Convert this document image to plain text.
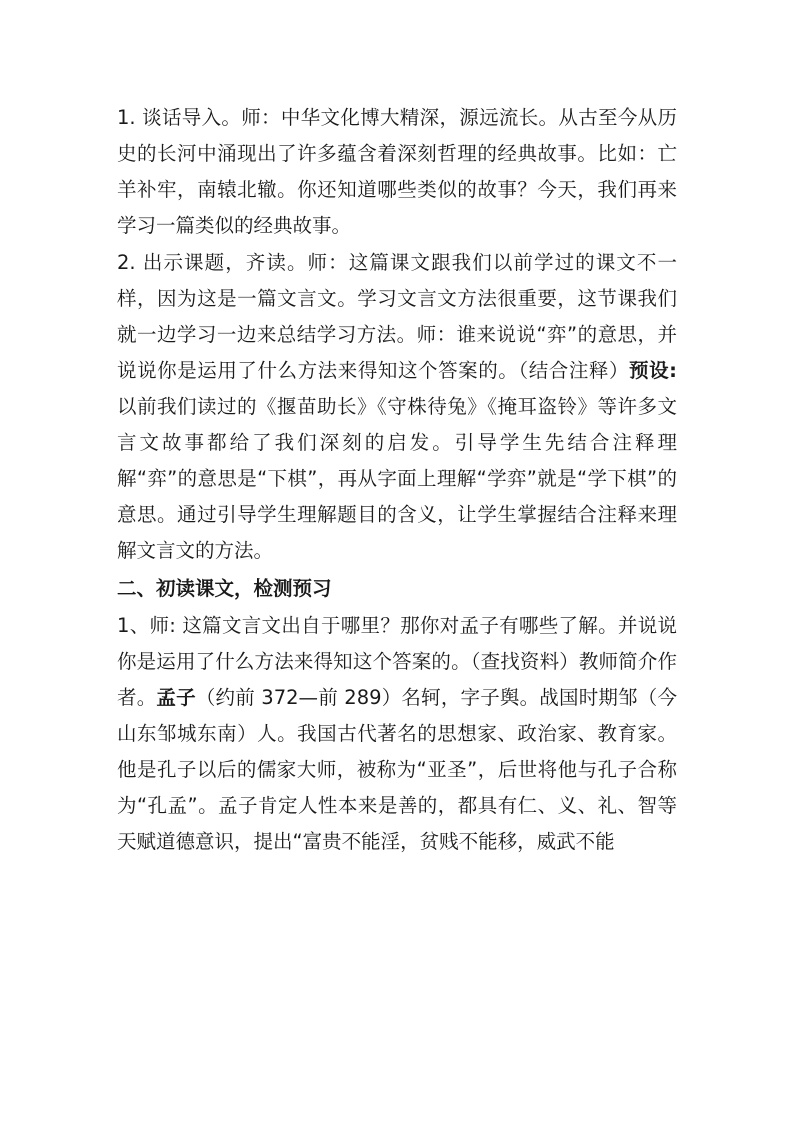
1. 谈话导入。师：中华文化博大精深，源远流长。从古至今从历史的长河中涌现出了许多蕴含着深刻哲理的经典故事。比如：亡羊补牢，南辕北辙。你还知道哪些类似的故事？今天，我们再来学习一篇类似的经典故事。

2. 出示课题，齐读。师：这篇课文跟我们以前学过的课文不一样，因为这是一篇文言文。学习文言文方法很重要，这节课我们就一边学习一边来总结学习方法。师：谁来说说“弈”的意思，并说说你是运用了什么方法来得知这个答案的。（结合注释）预设:以前我们读过的《揠苗助长》《守株待兔》《掩耳盗铃》等许多文言文故事都给了我们深刻的启发。引导学生先结合注释理解“弈”的意思是“下棋”，再从字面上理解“学弈”就是“学下棋”的意思。通过引导学生理解题目的含义，让学生掌握结合注释来理解文言文的方法。

二、初读课文，检测预习

1、师: 这篇文言文出自于哪里？那你对孟子有哪些了解。并说说你是运用了什么方法来得知这个答案的。（查找资料）教师简介作者。孟子（约前 372—前 289）名轲，字子舆。战国时期邹（今山东邹城东南）人。我国古代著名的思想家、政治家、教育家。他是孔子以后的儒家大师，被称为“亚圣”，后世将他与孔子合称为“孔孟”。孟子肯定人性本来是善的，都具有仁、义、礼、智等天赋道德意识，提出“富贵不能淫，贫贱不能移，威武不能
